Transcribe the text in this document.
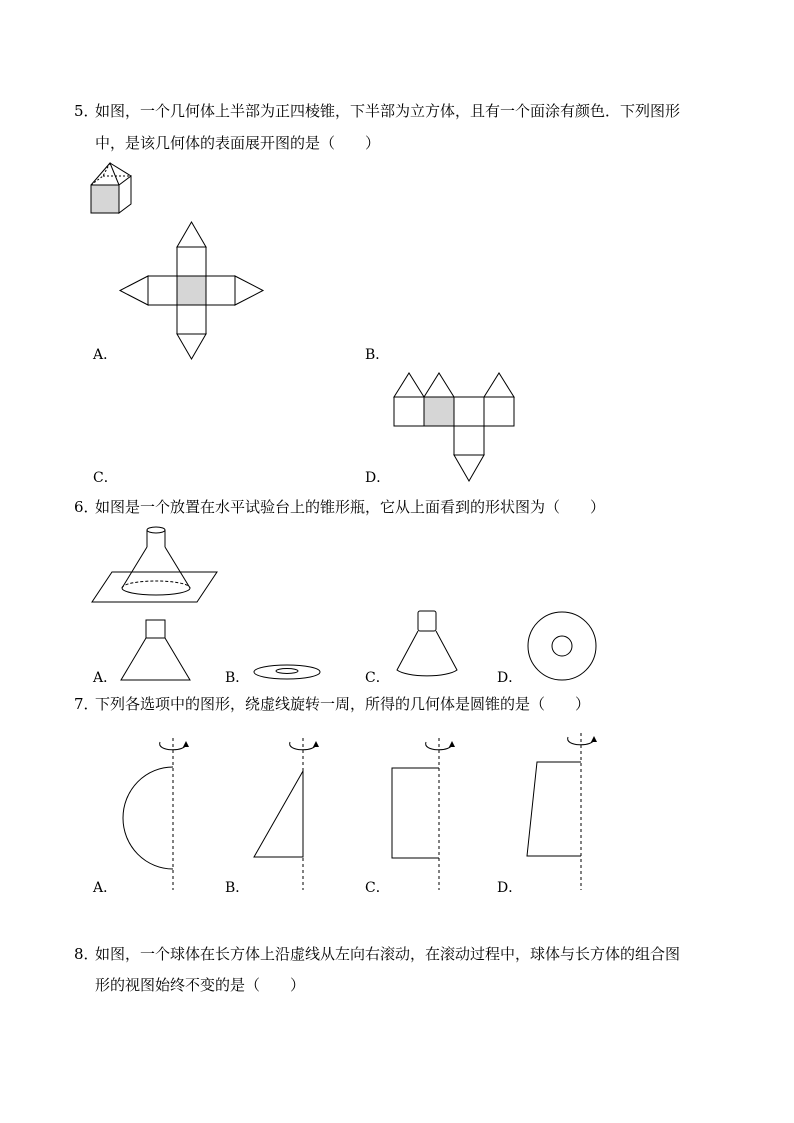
5．
如图，一个几何体上半部为正四棱锥，下半部为立方体，且有一个面涂有颜色．下列图形
中，是该几何体的表面展开图的是（　　）
A．	B．
C．	D．
6．
如图是一个放置在水平试验台上的锥形瓶，它从上面看到的形状图为（　　）
A．	B．	C．	D．
7．
下列各选项中的图形，绕虚线旋转一周，所得的几何体是圆锥的是（　　）
A．	B．	C．	D．
8．
如图，一个球体在长方体上沿虚线从左向右滚动，在滚动过程中，球体与长方体的组合图
形的视图始终不变的是（　　）
